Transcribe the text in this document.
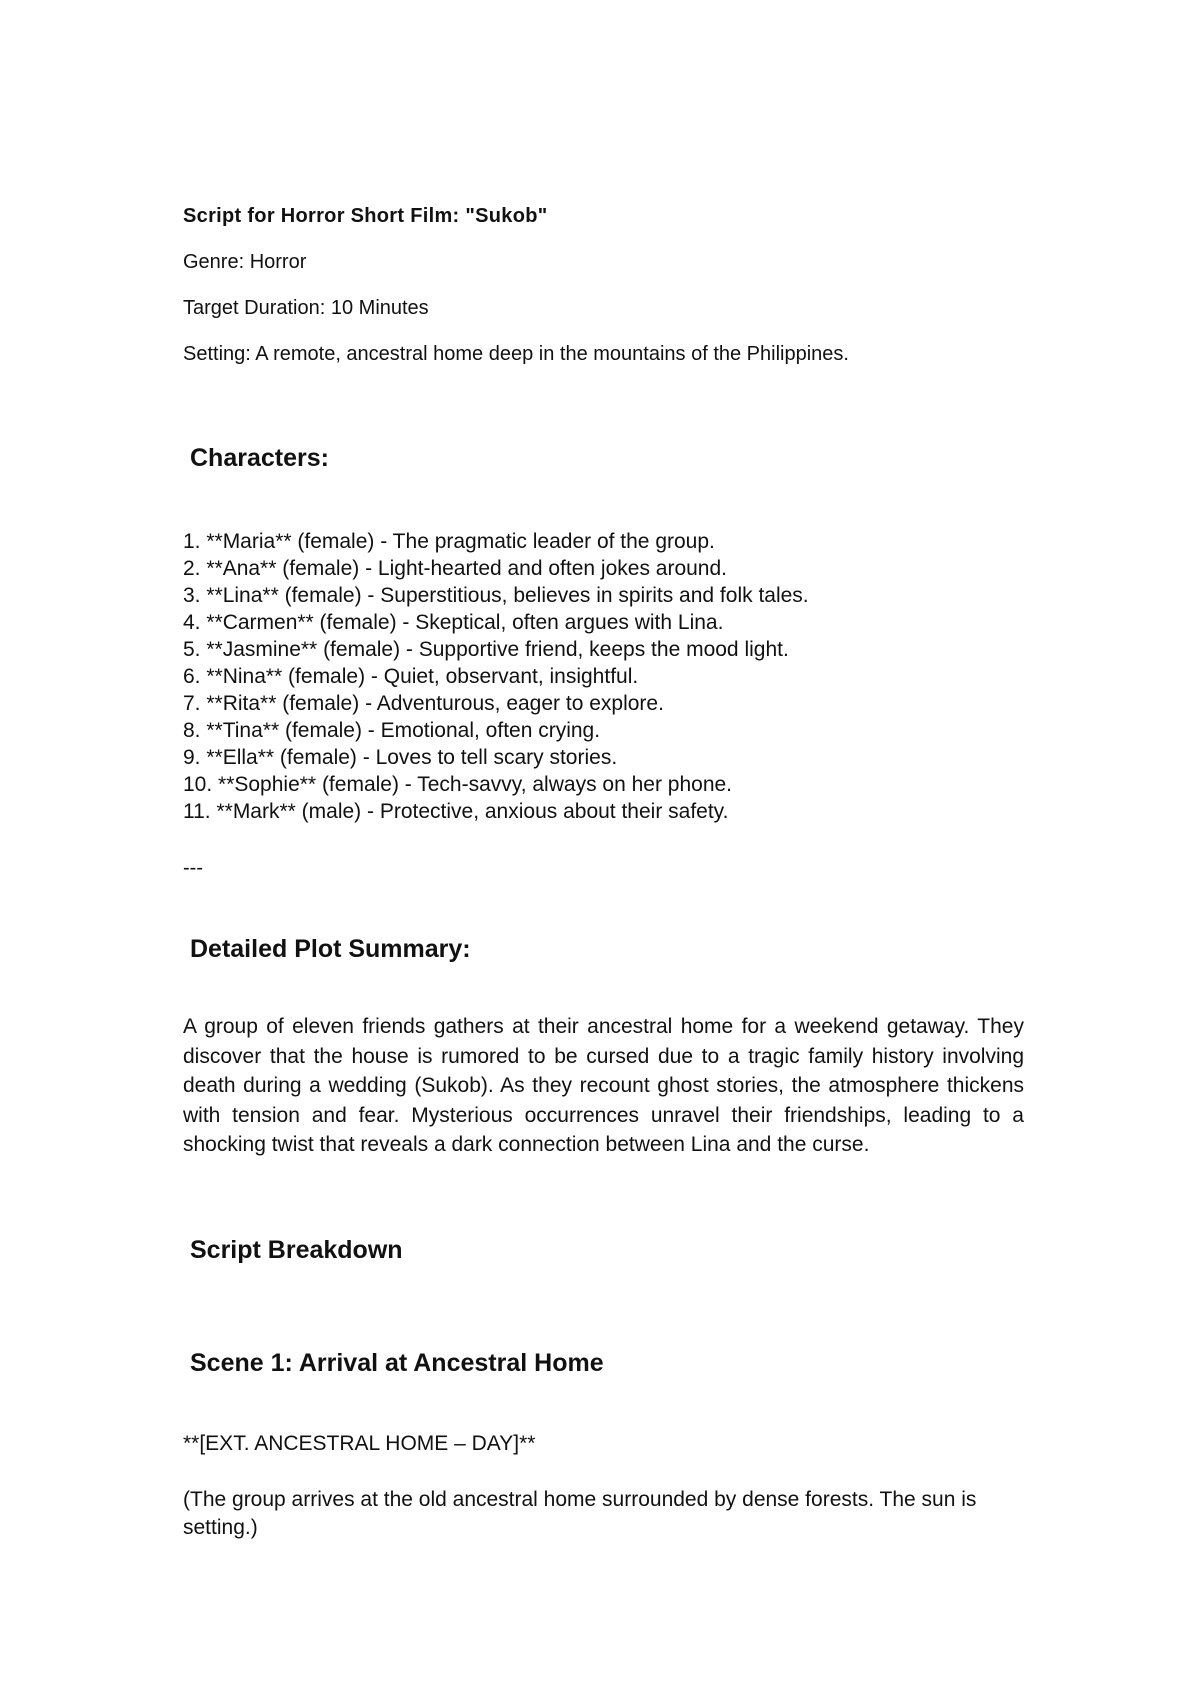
Script for Horror Short Film: "Sukob"
Genre: Horror
Target Duration: 10 Minutes
Setting: A remote, ancestral home deep in the mountains of the Philippines.
Characters:
1. **Maria** (female) - The pragmatic leader of the group.
2. **Ana** (female) - Light-hearted and often jokes around.
3. **Lina** (female) - Superstitious, believes in spirits and folk tales.
4. **Carmen** (female) - Skeptical, often argues with Lina.
5. **Jasmine** (female) - Supportive friend, keeps the mood light.
6. **Nina** (female) - Quiet, observant, insightful.
7. **Rita** (female) - Adventurous, eager to explore.
8. **Tina** (female) - Emotional, often crying.
9. **Ella** (female) - Loves to tell scary stories.
10. **Sophie** (female) - Tech-savvy, always on her phone.
11. **Mark** (male) - Protective, anxious about their safety.
---
Detailed Plot Summary:

A group of eleven friends gathers at their ancestral home for a weekend getaway. They discover that the house is rumored to be cursed due to a tragic family history involving death during a wedding (Sukob). As they recount ghost stories, the atmosphere thickens with tension and fear. Mysterious occurrences unravel their friendships, leading to a shocking twist that reveals a dark connection between Lina and the curse.

Script Breakdown
Scene 1: Arrival at Ancestral Home
**[EXT. ANCESTRAL HOME – DAY]**

(The group arrives at the old ancestral home surrounded by dense forests. The sun is setting.)
